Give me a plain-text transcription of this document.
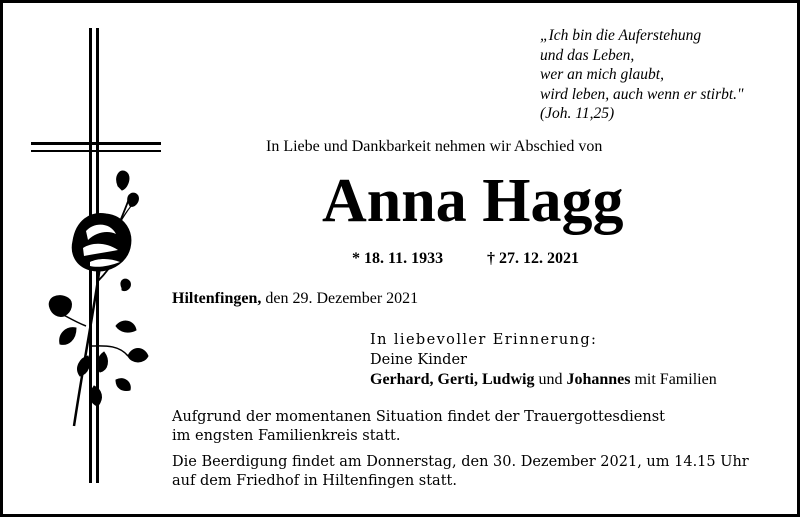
„Ich bin die Auferstehung
und das Leben,
wer an mich glaubt,
wird leben, auch wenn er stirbt."
(Joh. 11,25)
In Liebe und Dankbarkeit nehmen wir Abschied von
Anna Hagg
* 18. 11. 1933	† 27. 12. 2021
Hiltenfingen, den 29. Dezember 2021
In liebevoller Erinnerung:
Deine Kinder
Gerhard, Gerti, Ludwig und Johannes mit Familien
Aufgrund der momentanen Situation findet der Trauergottesdienst
im engsten Familienkreis statt.
Die Beerdigung findet am Donnerstag, den 30. Dezember 2021, um 14.15 Uhr
auf dem Friedhof in Hiltenfingen statt.
